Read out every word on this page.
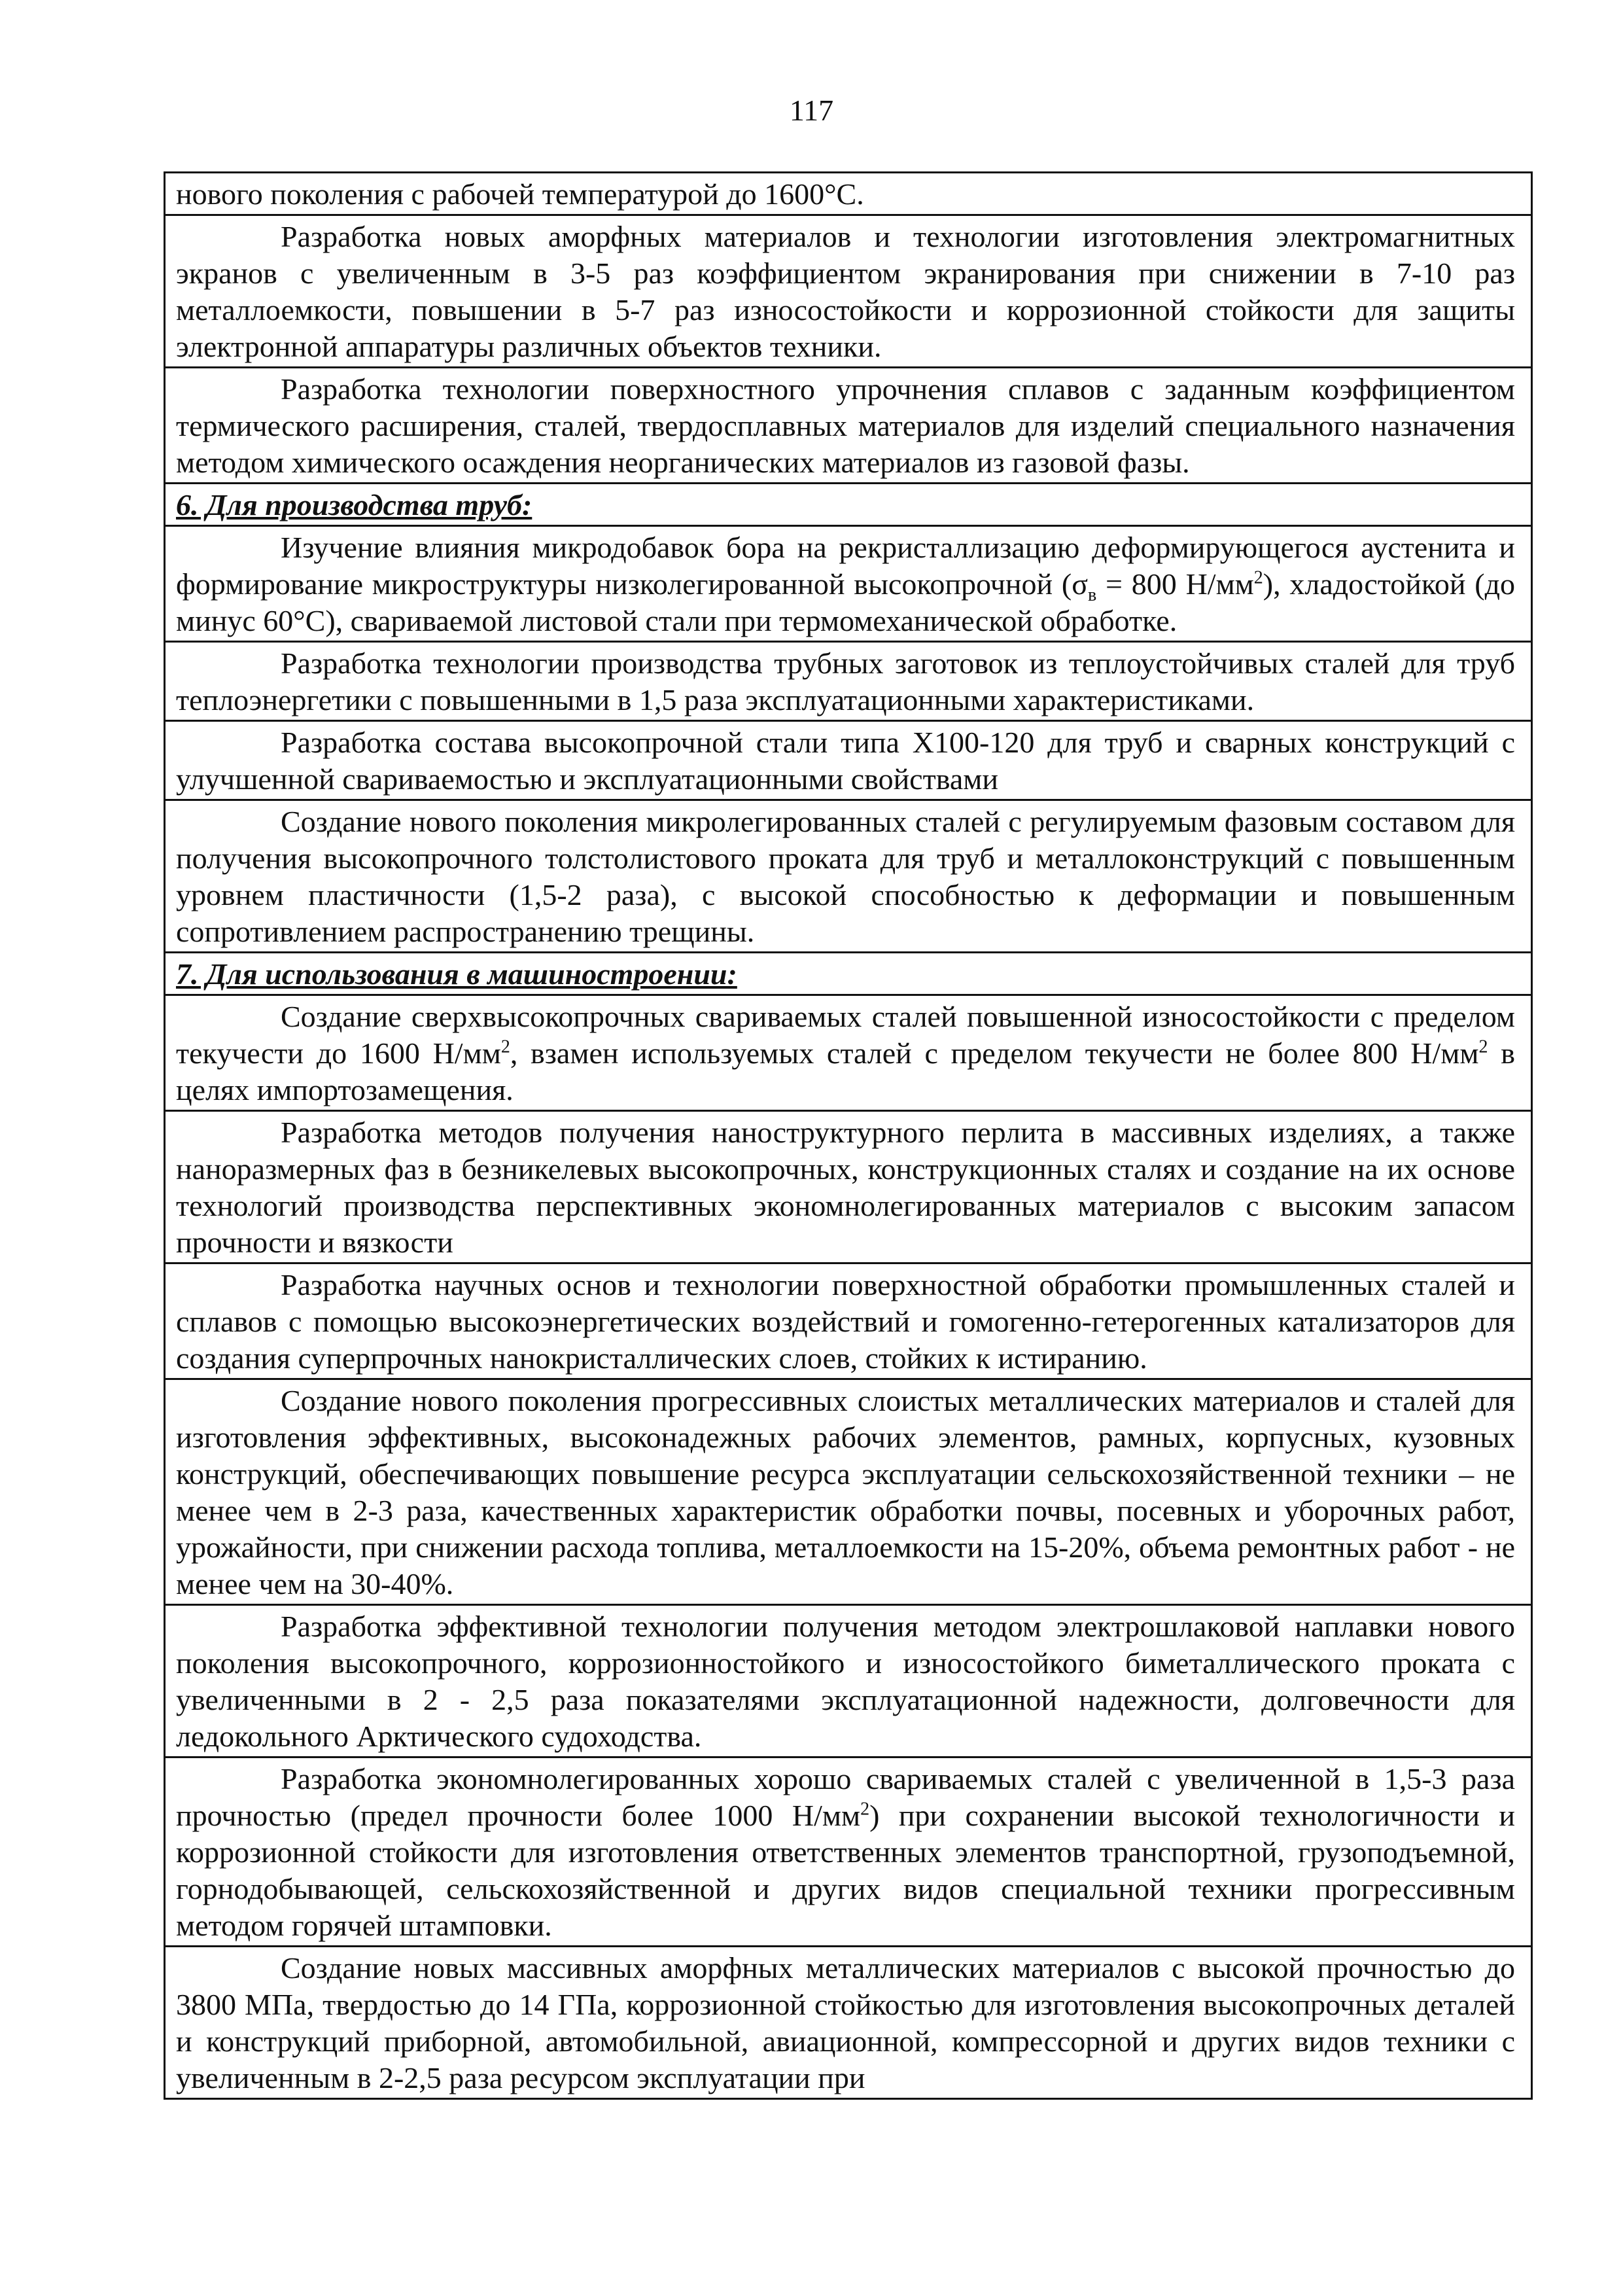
117
нового поколения с рабочей температурой до 1600°С.
Разработка новых аморфных материалов и технологии изготовления электромагнитных экранов с увеличенным в 3-5 раз коэффициентом экранирования при снижении в 7-10 раз металлоемкости, повышении в 5-7 раз износостойкости и коррозионной стойкости для защиты электронной аппаратуры различных объектов техники.
Разработка технологии поверхностного упрочнения сплавов с заданным коэффициентом термического расширения, сталей, твердосплавных материалов для изделий специального назначения методом химического осаждения неорганических материалов из газовой фазы.
6. Для производства труб:
Изучение влияния микродобавок бора на рекристаллизацию деформирующегося аустенита и формирование микроструктуры низколегированной высокопрочной ($\sigma_в = 800$ $Н/мм^2$), хладостойкой (до минус 60°С), свариваемой листовой стали при термомеханической обработке.
Разработка технологии производства трубных заготовок из теплоустойчивых сталей для труб теплоэнергетики с повышенными в 1,5 раза эксплуатационными характеристиками.
Разработка состава высокопрочной стали типа Х100-120 для труб и сварных конструкций с улучшенной свариваемостью и эксплуатационными свойствами
Создание нового поколения микролегированных сталей с регулируемым фазовым составом для получения высокопрочного толстолистового проката для труб и металлоконструкций с повышенным уровнем пластичности (1,5-2 раза), с высокой способностью к деформации и повышенным сопротивлением распространению трещины.
7. Для использования в машиностроении:
Создание сверхвысокопрочных свариваемых сталей повышенной износостойкости с пределом текучести до 1600 $Н/мм^2$, взамен используемых сталей с пределом текучести не более 800 $Н/мм^2$ в целях импортозамещения.
Разработка методов получения наноструктурного перлита в массивных изделиях, а также наноразмерных фаз в безникелевых высокопрочных, конструкционных сталях и создание на их основе технологий производства перспективных экономнолегированных материалов с высоким запасом прочности и вязкости
Разработка научных основ и технологии поверхностной обработки промышленных сталей и сплавов с помощью высокоэнергетических воздействий и гомогенно-гетерогенных катализаторов для создания суперпрочных нанокристаллических слоев, стойких к истиранию.
Создание нового поколения прогрессивных слоистых металлических материалов и сталей для изготовления эффективных, высоконадежных рабочих элементов, рамных, корпусных, кузовных конструкций, обеспечивающих повышение ресурса эксплуатации сельскохозяйственной техники – не менее чем в 2-3 раза, качественных характеристик обработки почвы, посевных и уборочных работ, урожайности, при снижении расхода топлива, металлоемкости на 15-20%, объема ремонтных работ - не менее чем на 30-40%.
Разработка эффективной технологии получения методом электрошлаковой наплавки нового поколения высокопрочного, коррозионностойкого и износостойкого биметаллического проката с увеличенными в 2 - 2,5 раза показателями эксплуатационной надежности, долговечности для ледокольного Арктического судоходства.
Разработка экономнолегированных хорошо свариваемых сталей с увеличенной в 1,5-3 раза прочностью (предел прочности более 1000 $Н/мм^2$) при сохранении высокой технологичности и коррозионной стойкости для изготовления ответственных элементов транспортной, грузоподъемной, горнодобывающей, сельскохозяйственной и других видов специальной техники прогрессивным методом горячей штамповки.
Создание новых массивных аморфных металлических материалов с высокой прочностью до 3800 МПа, твердостью до 14 ГПа, коррозионной стойкостью для изготовления высокопрочных деталей и конструкций приборной, автомобильной, авиационной, компрессорной и других видов техники с увеличенным в 2-2,5 раза ресурсом эксплуатации при
